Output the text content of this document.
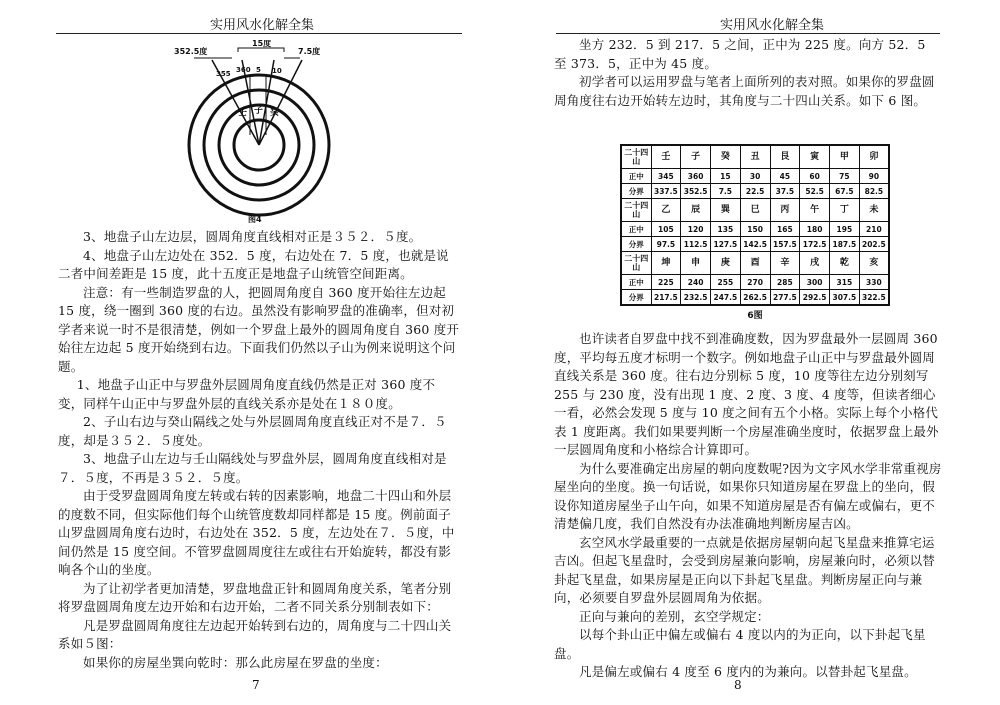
实用风水化解全集
352.5度
15度
7.5度
355 360 5 10
壬 子 癸
图4

3、地盘子山左边层，圆周角度直线相对正是３５２．５度。

4、地盘子山左边处在 352．5 度，右边处在 7．5 度，也就是说二者中间差距是 15 度，此十五度正是地盘子山统管空间距离。

注意：有一些制造罗盘的人，把圆周角度自 360 度开始往左边起 15 度，绕一圈到 360 度的右边。虽然没有影响罗盘的准确率，但对初学者来说一时不是很清楚，例如一个罗盘上最外的圆周角度自 360 度开始往左边起 5 度开始绕到右边。下面我们仍然以子山为例来说明这个问题。

1、地盘子山正中与罗盘外层圆周角度直线仍然是正对 360 度不变，同样午山正中与罗盘外层的直线关系亦是处在１８０度。

2、子山右边与癸山隔线之处与外层圆周角度直线正对不是７．５度，却是３５２．５度处。

3、地盘子山左边与壬山隔线处与罗盘外层，圆周角度直线相对是７．５度，不再是３５２．５度。

由于受罗盘圆周角度左转或右转的因素影响，地盘二十四山和外层的度数不同，但实际他们每个山统管度数却同样都是 15 度。例前面子山罗盘圆周角度右边时，右边处在 352．5 度，左边处在７．５度，中间仍然是 15 度空间。不管罗盘圆周度往左或往右开始旋转，都没有影响各个山的坐度。

为了让初学者更加清楚，罗盘地盘正针和圆周角度关系，笔者分别将罗盘圆周角度左边开始和右边开始，二者不同关系分别制表如下：

凡是罗盘圆周角度往左边起开始转到右边的，周角度与二十四山关系如５图：

如果你的房屋坐巽向乾时：那么此房屋在罗盘的坐度：

7
实用风水化解全集

坐方 232．5 到 217．5 之间，正中为 225 度。向方 52．5 至 373．5，正中为 45 度。

初学者可以运用罗盘与笔者上面所列的表对照。如果你的罗盘圆周角度往右边开始转左边时，其角度与二十四山关系。如下 6 图。

二十四山	壬	子	癸	丑	艮	寅	甲	卯
正中	345	360	15	30	45	60	75	90
分界	337.5	352.5	7.5	22.5	37.5	52.5	67.5	82.5
二十四山	乙	辰	巽	巳	丙	午	丁	未
正中	105	120	135	150	165	180	195	210
分界	97.5	112.5	127.5	142.5	157.5	172.5	187.5	202.5
二十四山	坤	申	庚	酉	辛	戌	乾	亥
正中	225	240	255	270	285	300	315	330
分界	217.5	232.5	247.5	262.5	277.5	292.5	307.5	322.5
6图

也许读者自罗盘中找不到准确度数，因为罗盘最外一层圆周 360 度，平均每五度才标明一个数字。例如地盘子山正中与罗盘最外圆周直线关系是 360 度。往右边分别标 5 度，10 度等往左边分别刻写 255 与 230 度，没有出现 1 度、2 度、3 度、4 度等，但读者细心一看，必然会发现 5 度与 10 度之间有五个小格。实际上每个小格代表 1 度距离。我们如果要判断一个房屋准确坐度时，依据罗盘上最外一层圆周角度和小格综合计算即可。

为什么要准确定出房屋的朝向度数呢?因为文字风水学非常重视房屋坐向的坐度。换一句话说，如果你只知道房屋在罗盘上的坐向，假设你知道房屋坐子山午向，如果不知道房屋是否有偏左或偏右，更不清楚偏几度，我们自然没有办法准确地判断房屋吉凶。

玄空风水学最重要的一点就是依据房屋朝向起飞星盘来推算宅运吉凶。但起飞星盘时，会受到房屋兼向影响，房屋兼向时，必须以替卦起飞星盘，如果房屋是正向以下卦起飞星盘。判断房屋正向与兼向，必须要自罗盘外层圆周角为依据。

正向与兼向的差别，玄空学规定：

以每个卦山正中偏左或偏右 4 度以内的为正向，以下卦起飞星盘。

凡是偏左或偏右 4 度至 6 度内的为兼向。以替卦起飞星盘。

8
